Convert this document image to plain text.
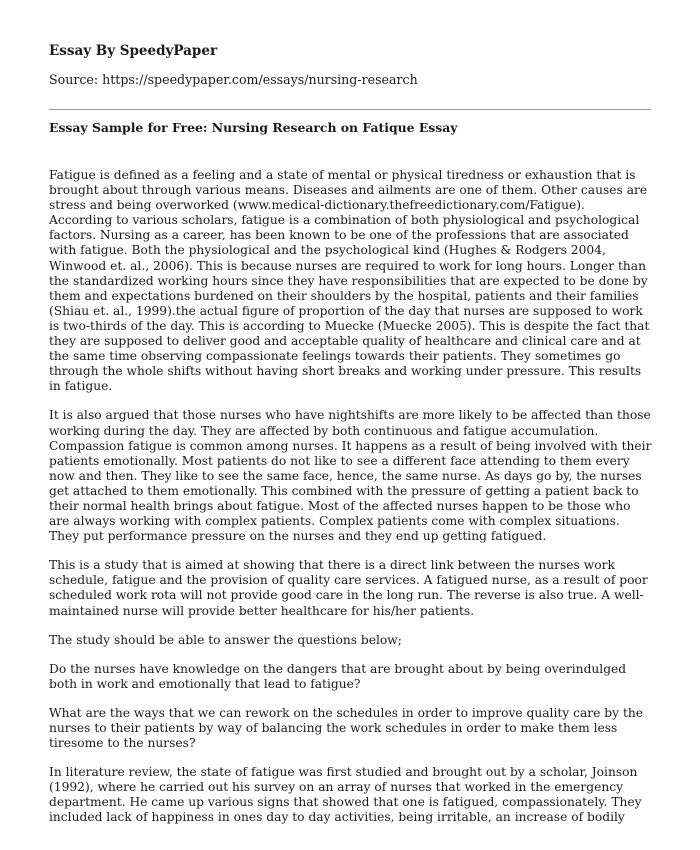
Essay By SpeedyPaper

Source: https://speedypaper.com/essays/nursing-research

Essay Sample for Free: Nursing Research on Fatique Essay

Fatigue is defined as a feeling and a state of mental or physical tiredness or exhaustion that is brought about through various means. Diseases and ailments are one of them. Other causes are stress and being overworked (www.medical-dictionary.thefreedictionary.com/Fatigue). According to various scholars, fatigue is a combination of both physiological and psychological factors. Nursing as a career, has been known to be one of the professions that are associated with fatigue. Both the physiological and the psychological kind (Hughes & Rodgers 2004, Winwood et. al., 2006). This is because nurses are required to work for long hours. Longer than the standardized working hours since they have responsibilities that are expected to be done by them and expectations burdened on their shoulders by the hospital, patients and their families (Shiau et. al., 1999).the actual figure of proportion of the day that nurses are supposed to work is two-thirds of the day. This is according to Muecke (Muecke 2005). This is despite the fact that they are supposed to deliver good and acceptable quality of healthcare and clinical care and at the same time observing compassionate feelings towards their patients. They sometimes go through the whole shifts without having short breaks and working under pressure. This results in fatigue.

It is also argued that those nurses who have nightshifts are more likely to be affected than those working during the day. They are affected by both continuous and fatigue accumulation. Compassion fatigue is common among nurses. It happens as a result of being involved with their patients emotionally. Most patients do not like to see a different face attending to them every now and then. They like to see the same face, hence, the same nurse. As days go by, the nurses get attached to them emotionally. This combined with the pressure of getting a patient back to their normal health brings about fatigue. Most of the affected nurses happen to be those who are always working with complex patients. Complex patients come with complex situations. They put performance pressure on the nurses and they end up getting fatigued.

This is a study that is aimed at showing that there is a direct link between the nurses work schedule, fatigue and the provision of quality care services. A fatigued nurse, as a result of poor scheduled work rota will not provide good care in the long run. The reverse is also true. A well-maintained nurse will provide better healthcare for his/her patients.

The study should be able to answer the questions below;

Do the nurses have knowledge on the dangers that are brought about by being overindulged both in work and emotionally that lead to fatigue?

What are the ways that we can rework on the schedules in order to improve quality care by the nurses to their patients by way of balancing the work schedules in order to make them less tiresome to the nurses?

In literature review, the state of fatigue was first studied and brought out by a scholar, Joinson (1992), where he carried out his survey on an array of nurses that worked in the emergency department. He came up various signs that showed that one is fatigued, compassionately. They included lack of happiness in ones day to day activities, being irritable, an increase of bodily
